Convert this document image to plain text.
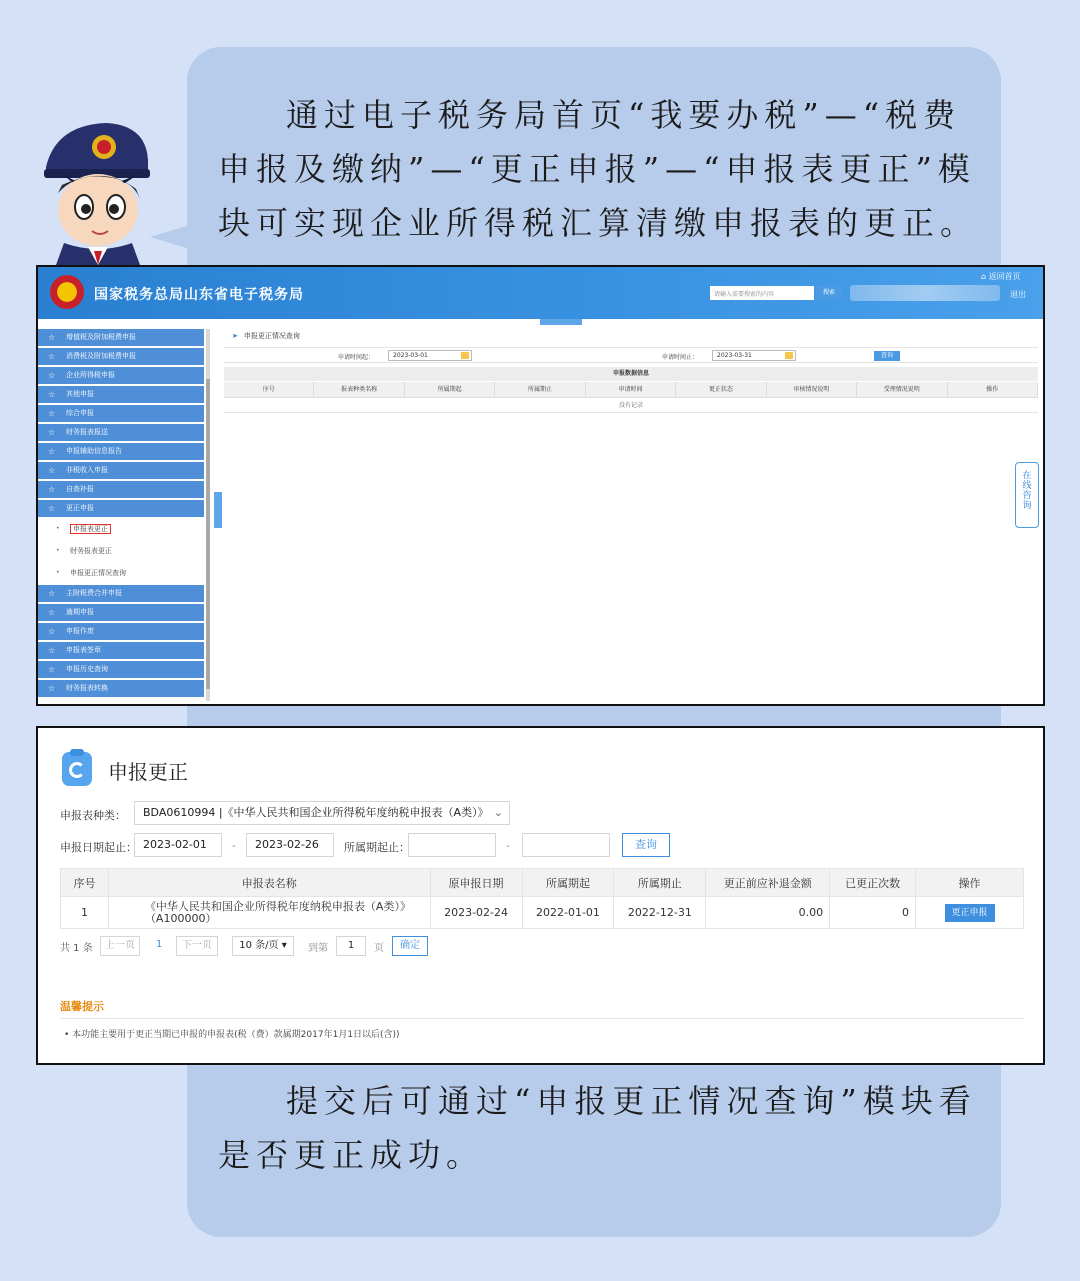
通过电子税务局首页“我要办税”—“税费申报及缴纳”—“更正申报”—“申报表更正”模块可实现企业所得税汇算清缴申报表的更正。
国家税务总局山东省电子税务局	请输入需要搜索的内容	搜索
⌂ 返回首页
退出
☆ 增值税及附加税费申报
☆ 消费税及附加税费申报
☆ 企业所得税申报
☆ 其他申报
☆ 综合申报
☆ 财务报表报送
☆ 申报辅助信息报告
☆ 非税收入申报
☆ 自查补报
☆ 更正申报
• 申报表更正
• 财务报表更正
• 申报更正情况查询
☆ 主附税费合并申报
☆ 逾期申报
☆ 申报作废
☆ 申报表签章
☆ 申报历史查询
☆ 财务报表转换
➤ 申报更正情况查询
申请时间起：	2023-03-01	申请时间止：	2023-03-31	查询
申报数据信息
序号	报表种类名称	所属期起	所属期止	申请时间	更正状态	审核情况说明	受理情况说明	操作
没有记录
在
线
咨
询
申报更正
申报表种类：	BDA0610994 |《中华人民共和国企业所得税年度纳税申报表（A类）》 ⌄
申报日期起止： 2023-02-01	-	2023-02-26	所属期起止：	-	查询
序号	申报表名称	原申报日期	所属期起	所属期止	更正前应补退金额	已更正次数	操作
1	《中华人民共和国企业所得税年度纳税申报表（A类）》
（A100000）	2023-02-24	2022-01-01	2022-12-31	0.00	0	更正申报
共 1 条	上一页	1	下一页	10 条/页 ▾	到第	1	页	确定
温馨提示
• 本功能主要用于更正当期已申报的申报表(税（费）款属期2017年1月1日以后(含))
提交后可通过“申报更正情况查询”模块看是否更正成功。
